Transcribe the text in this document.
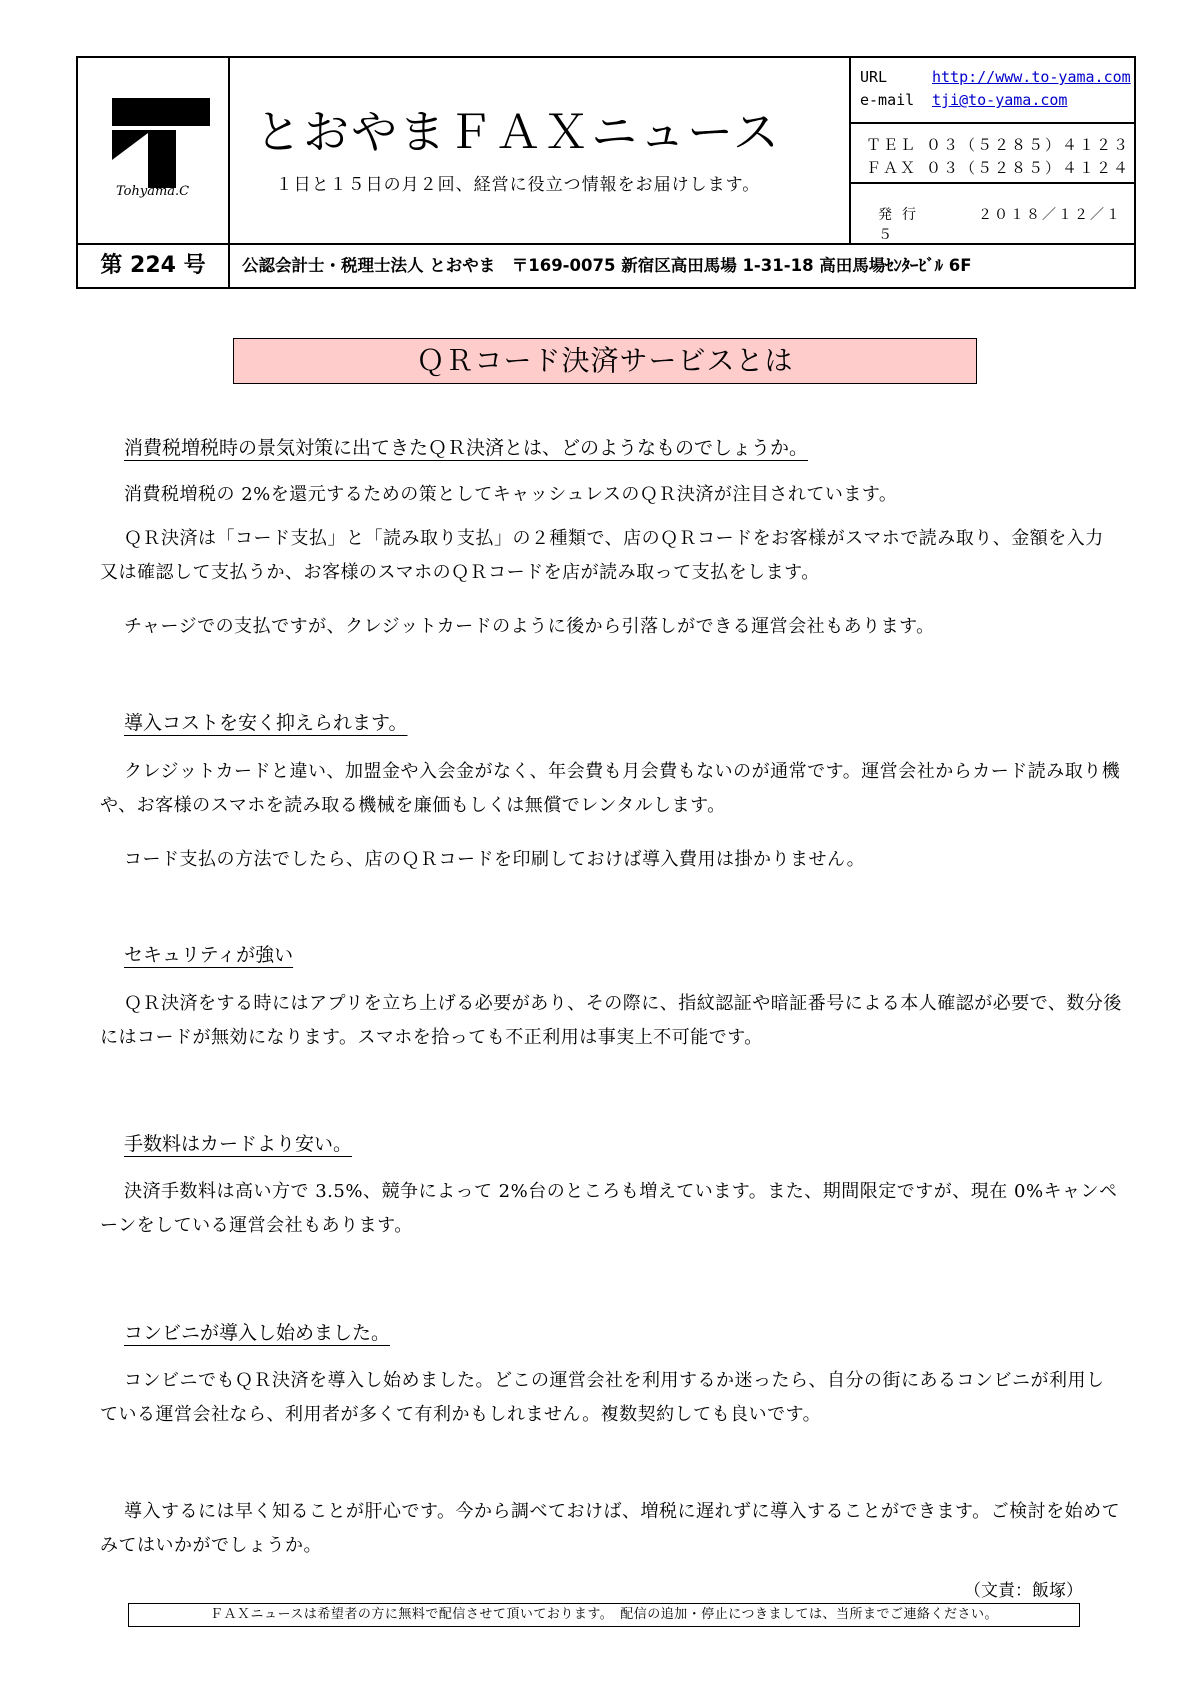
Tohyama.C
とおやまＦＡＸニュース
１日と１５日の月２回、経営に役立つ情報をお届けします。
URL	http://www.to-yama.com
e-mail tji@to-yama.com
ＴＥＬ ０３（５２８５）４１２３
ＦＡＸ ０３（５２８５）４１２４
発行	２０１８／１２／１５
第 224 号	公認会計士・税理士法人 とおやま　〒169-0075 新宿区高田馬場 1-31-18 高田馬場ｾﾝﾀｰﾋﾞﾙ 6F
ＱＲコード決済サービスとは
消費税増税時の景気対策に出てきたＱＲ決済とは、どのようなものでしょうか。
消費税増税の 2%を還元するための策としてキャッシュレスのＱＲ決済が注目されています。
ＱＲ決済は「コード支払」と「読み取り支払」の２種類で、店のＱＲコードをお客様がスマホで読み取り、金額を入力又は確認して支払うか、お客様のスマホのＱＲコードを店が読み取って支払をします。
チャージでの支払ですが、クレジットカードのように後から引落しができる運営会社もあります。
導入コストを安く抑えられます。
クレジットカードと違い、加盟金や入会金がなく、年会費も月会費もないのが通常です。運営会社からカード読み取り機や、お客様のスマホを読み取る機械を廉価もしくは無償でレンタルします。
コード支払の方法でしたら、店のＱＲコードを印刷しておけば導入費用は掛かりません。
セキュリティが強い
ＱＲ決済をする時にはアプリを立ち上げる必要があり、その際に、指紋認証や暗証番号による本人確認が必要で、数分後にはコードが無効になります。スマホを拾っても不正利用は事実上不可能です。
手数料はカードより安い。
決済手数料は高い方で 3.5%、競争によって 2%台のところも増えています。また、期間限定ですが、現在 0%キャンペーンをしている運営会社もあります。
コンビニが導入し始めました。
コンビニでもＱＲ決済を導入し始めました。どこの運営会社を利用するか迷ったら、自分の街にあるコンビニが利用している運営会社なら、利用者が多くて有利かもしれません。複数契約しても良いです。
導入するには早く知ることが肝心です。今から調べておけば、増税に遅れずに導入することができます。ご検討を始めてみてはいかがでしょうか。
（文責：飯塚）
ＦＡＸニュースは希望者の方に無料で配信させて頂いております。　配信の追加・停止につきましては、当所までご連絡ください。
